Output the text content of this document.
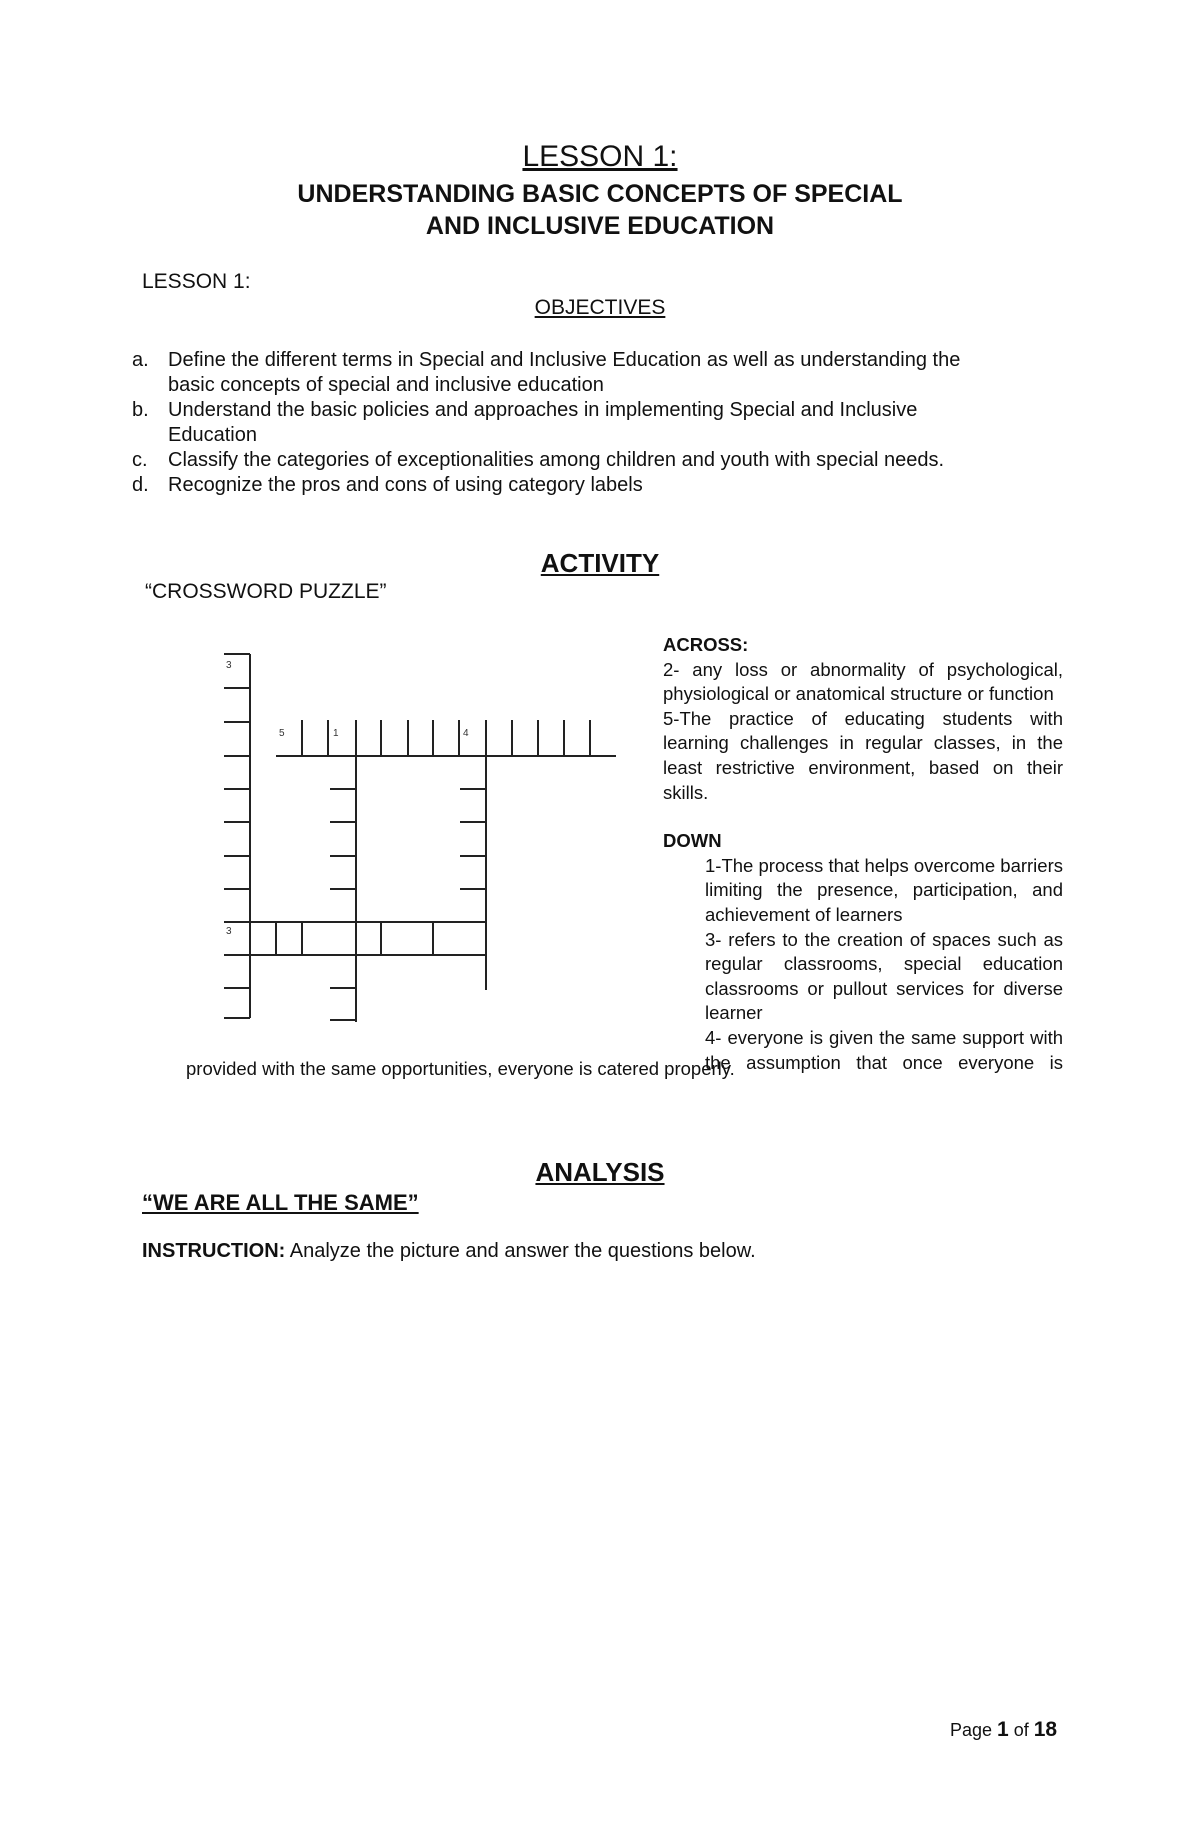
LESSON 1:
UNDERSTANDING BASIC CONCEPTS OF SPECIAL
AND INCLUSIVE EDUCATION
LESSON 1:
OBJECTIVES
a. Define the different terms in Special and Inclusive Education as well as understanding the
basic concepts of special and inclusive education
b. Understand the basic policies and approaches in implementing Special and Inclusive
Education
c.	Classify the categories of exceptionalities among children and youth with special needs.
d. Recognize the pros and cons of using category labels
ACTIVITY
“CROSSWORD PUZZLE”
3
5	1	4
3
ACROSS:
2- any loss or abnormality of psychological, physiological or anatomical structure or function
5-The practice of educating students with learning challenges in regular classes, in the least restrictive environment, based on their skills.
DOWN
1-The process that helps overcome barriers limiting the presence, participation, and achievement of learners
3- refers to the creation of spaces such as regular classrooms, special education classrooms or pullout services for diverse learner
4- everyone is given the same support with the assumption that once everyone is
provided with the same opportunities, everyone is catered properly.
ANALYSIS
“WE ARE ALL THE SAME”
INSTRUCTION: Analyze the picture and answer the questions below.
Page 1 of 18
